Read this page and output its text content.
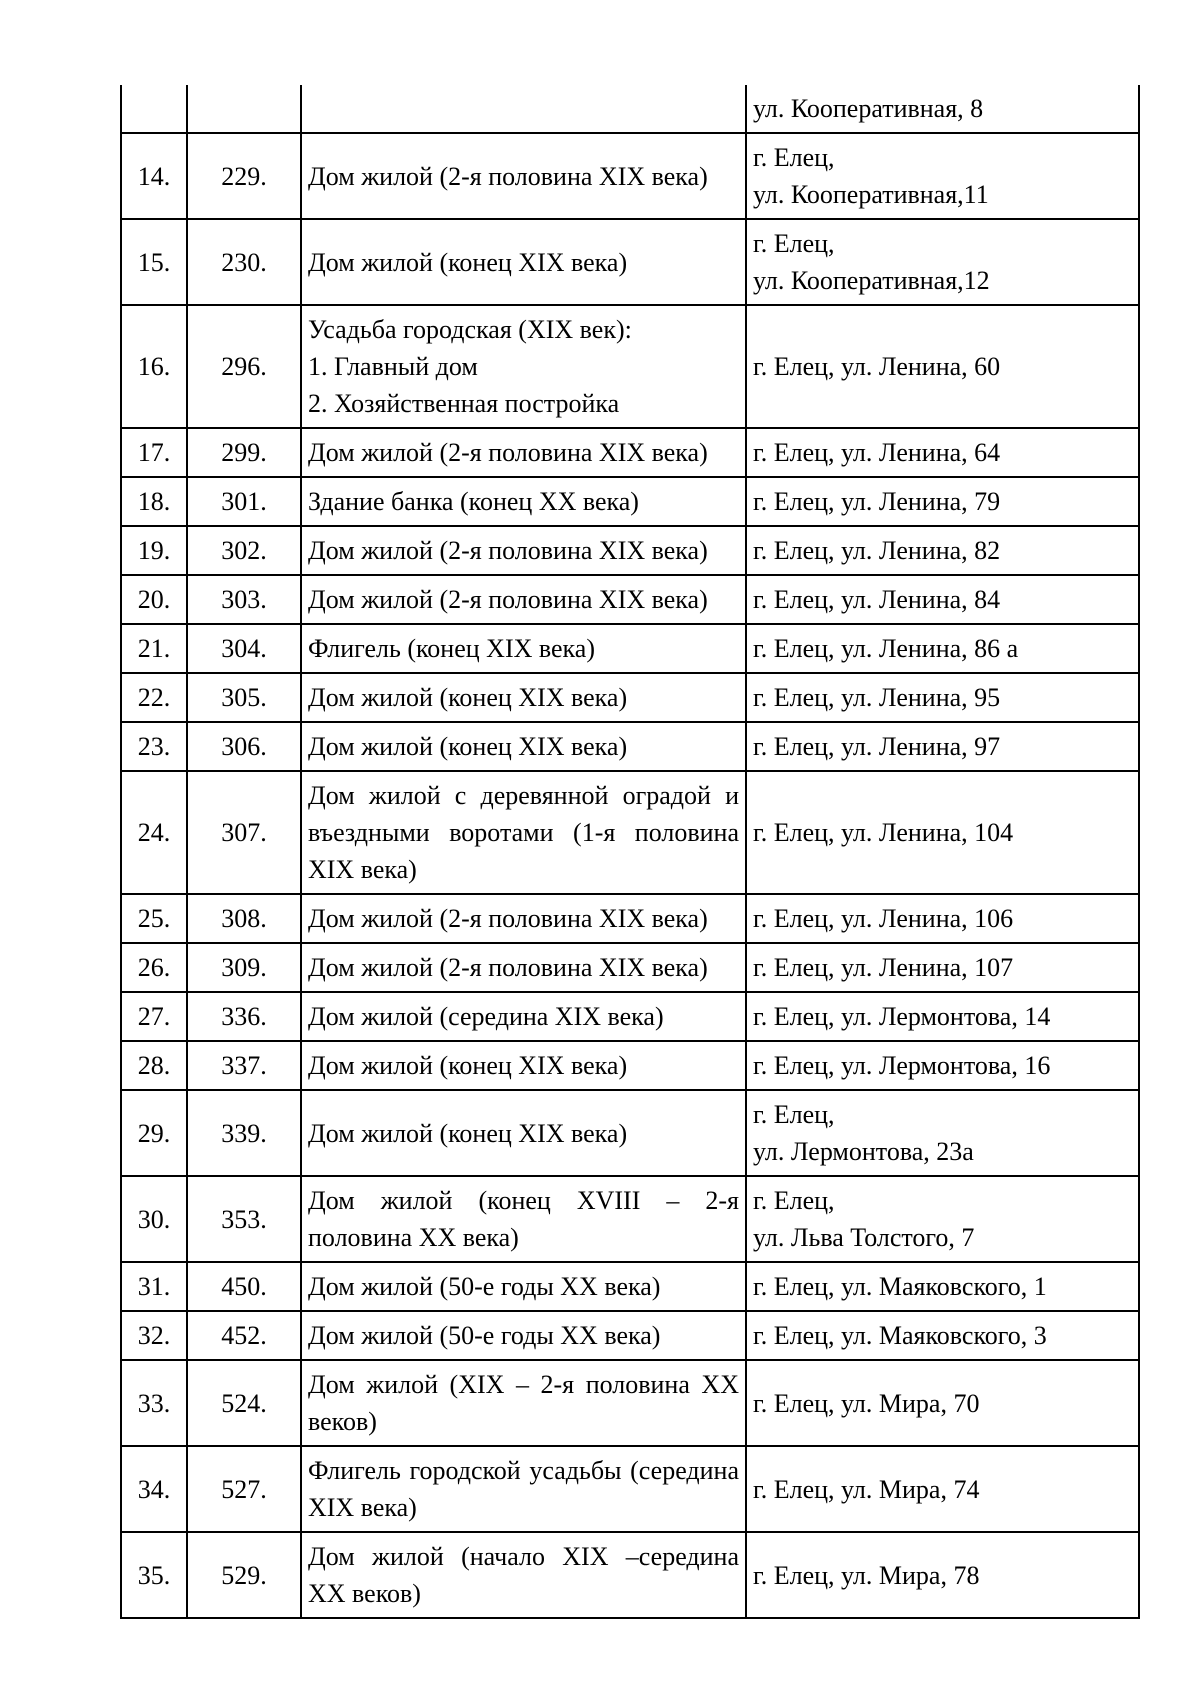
			ул. Кооперативная, 8

14.	229.	Дом жилой (2-я половина XIX века)	г. Елец,
ул. Кооперативная,11

15.	230.	Дом жилой (конец XIX века)	г. Елец,
ул. Кооперативная,12

16.	296.	Усадьба городская (XIX век):
1. Главный дом
2. Хозяйственная постройка	г. Елец, ул. Ленина, 60

17.	299.	Дом жилой (2-я половина XIX века)	г. Елец, ул. Ленина, 64

18.	301.	Здание банка (конец XX века)	г. Елец, ул. Ленина, 79

19.	302.	Дом жилой (2-я половина XIX века)	г. Елец, ул. Ленина, 82

20.	303.	Дом жилой (2-я половина XIX века)	г. Елец, ул. Ленина, 84

21.	304.	Флигель (конец XIX века)	г. Елец, ул. Ленина, 86 а

22.	305.	Дом жилой (конец XIX века)	г. Елец, ул. Ленина, 95

23.	306.	Дом жилой (конец XIX века)	г. Елец, ул. Ленина, 97

24.	307.	Дом жилой с деревянной оградой и въездными воротами (1-я половина XIX века)	г. Елец, ул. Ленина, 104

25.	308.	Дом жилой (2-я половина XIX века)	г. Елец, ул. Ленина, 106

26.	309.	Дом жилой (2-я половина XIX века)	г. Елец, ул. Ленина, 107

27.	336.	Дом жилой (середина XIX века)	г. Елец, ул. Лермонтова, 14

28.	337.	Дом жилой (конец XIX века)	г. Елец, ул. Лермонтова, 16

29.	339.	Дом жилой (конец XIX века)	г. Елец,
ул. Лермонтова, 23а

30.	353.	Дом жилой (конец XVIII – 2-я половина XX века)	г. Елец,
ул. Льва Толстого, 7

31.	450.	Дом жилой (50-е годы XX века)	г. Елец, ул. Маяковского, 1

32.	452.	Дом жилой (50-е годы XX века)	г. Елец, ул. Маяковского, 3

33.	524.	Дом жилой (XIX – 2-я половина XX веков)	г. Елец, ул. Мира, 70

34.	527.	Флигель городской усадьбы (середина XIX века)	г. Елец, ул. Мира, 74

35.	529.	Дом жилой (начало XIX –середина XX веков)	г. Елец, ул. Мира, 78
